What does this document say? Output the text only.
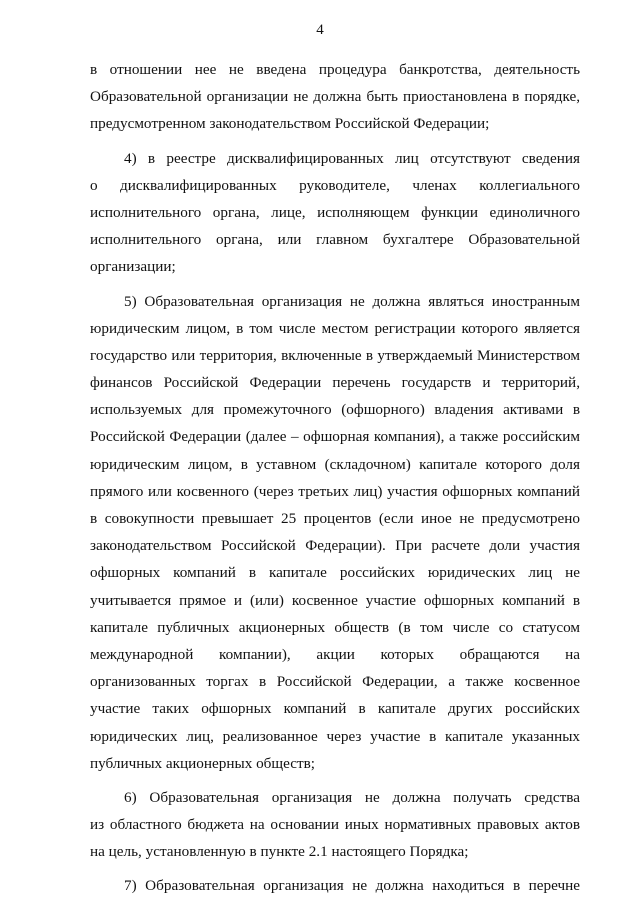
4
в отношении нее не введена процедура банкротства, деятельность
Образовательной организации не должна быть приостановлена в порядке,
предусмотренном законодательством Российской Федерации;
4) в реестре дисквалифицированных лиц отсутствуют сведения
о дисквалифицированных руководителе, членах коллегиального
исполнительного органа, лице, исполняющем функции единоличного
исполнительного органа, или главном бухгалтере Образовательной
организации;
5) Образовательная организация не должна являться иностранным
юридическим лицом, в том числе местом регистрации которого является
государство или территория, включенные в утверждаемый Министерством
финансов Российской Федерации перечень государств и территорий,
используемых для промежуточного (офшорного) владения активами в
Российской Федерации (далее – офшорная компания), а также российским
юридическим лицом, в уставном (складочном) капитале которого доля
прямого или косвенного (через третьих лиц) участия офшорных компаний
в совокупности превышает 25 процентов (если иное не предусмотрено
законодательством Российской Федерации). При расчете доли участия
офшорных компаний в капитале российских юридических лиц не
учитывается прямое и (или) косвенное участие офшорных компаний в
капитале публичных акционерных обществ (в том числе со статусом
международной компании), акции которых обращаются на
организованных торгах в Российской Федерации, а также косвенное
участие таких офшорных компаний в капитале других российских
юридических лиц, реализованное через участие в капитале указанных
публичных акционерных обществ;
6) Образовательная организация не должна получать средства
из областного бюджета на основании иных нормативных правовых актов
на цель, установленную в пункте 2.1 настоящего Порядка;
7) Образовательная организация не должна находиться в перечне
